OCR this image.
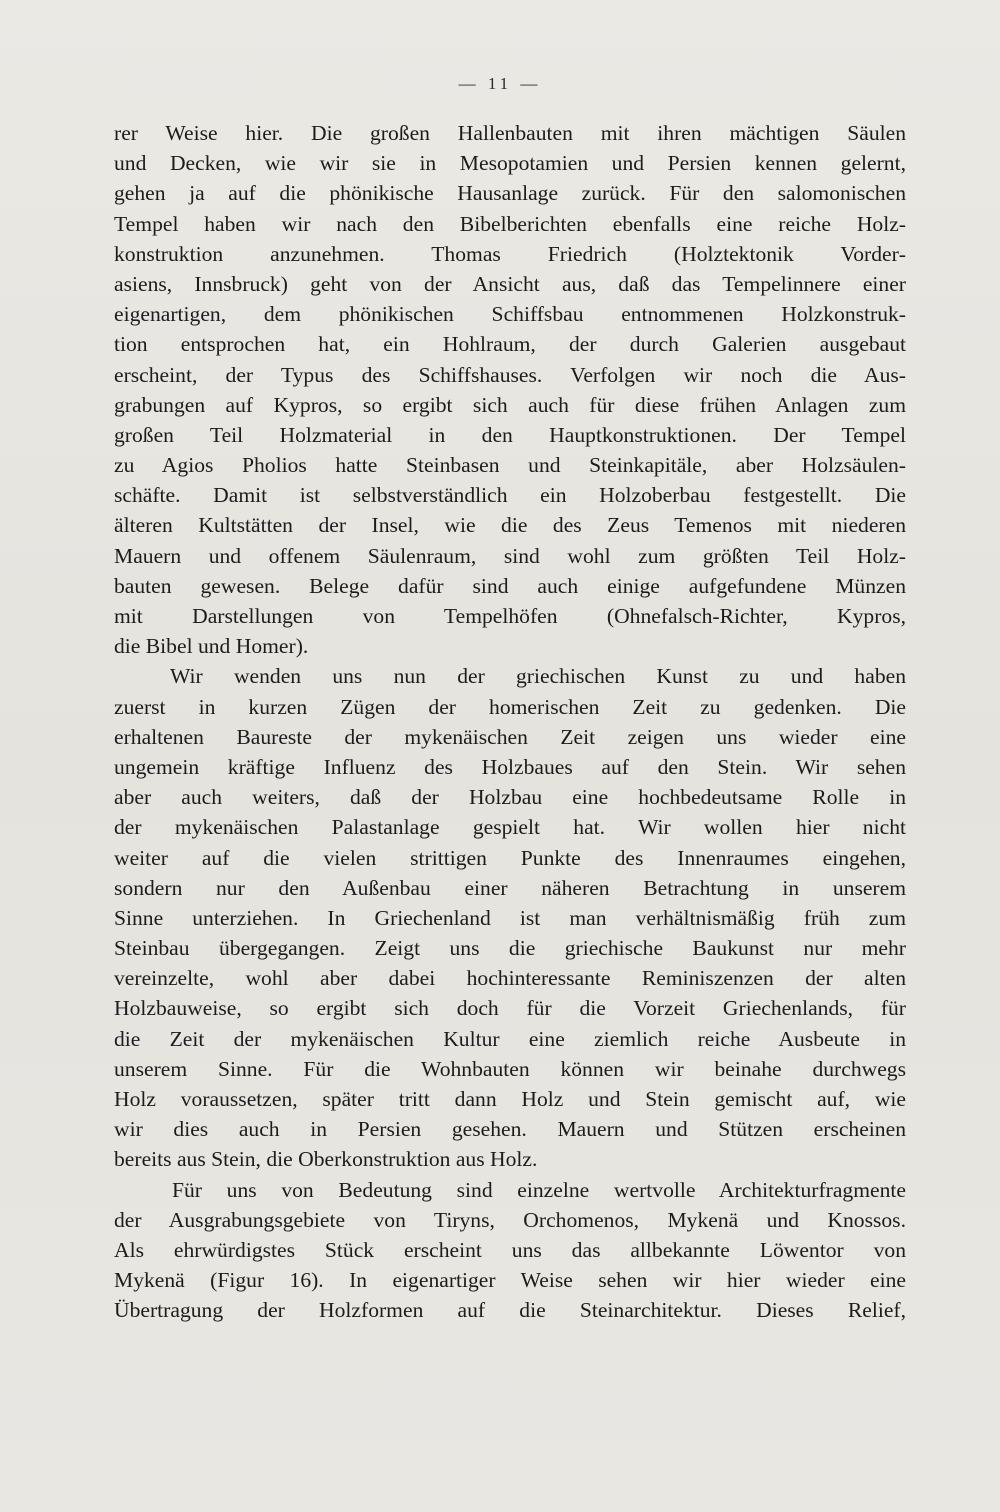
— 11 —
rer Weise hier. Die großen Hallenbauten mit ihren mächtigen Säulen
und Decken, wie wir sie in Mesopotamien und Persien kennen gelernt,
gehen ja auf die phönikische Hausanlage zurück. Für den salomonischen
Tempel haben wir nach den Bibelberichten ebenfalls eine reiche Holz‑
konstruktion anzunehmen. Thomas Friedrich (Holztektonik Vorder‑
asiens, Innsbruck) geht von der Ansicht aus, daß das Tempelinnere einer
eigenartigen, dem phönikischen Schiffsbau entnommenen Holzkonstruk‑
tion entsprochen hat, ein Hohlraum, der durch Galerien ausgebaut
erscheint, der Typus des Schiffshauses. Verfolgen wir noch die Aus‑
grabungen auf Kypros, so ergibt sich auch für diese frühen Anlagen zum
großen Teil Holzmaterial in den Hauptkonstruktionen. Der Tempel
zu Agios Pholios hatte Steinbasen und Steinkapitäle, aber Holzsäulen‑
schäfte. Damit ist selbstverständlich ein Holzoberbau festgestellt. Die
älteren Kultstätten der Insel, wie die des Zeus Temenos mit niederen
Mauern und offenem Säulenraum, sind wohl zum größten Teil Holz‑
bauten gewesen. Belege dafür sind auch einige aufgefundene Münzen
mit Darstellungen von Tempelhöfen (Ohnefalsch‑Richter, Kypros,
die Bibel und Homer).
Wir wenden uns nun der griechischen Kunst zu und haben
zuerst in kurzen Zügen der homerischen Zeit zu gedenken. Die
erhaltenen Baureste der mykenäischen Zeit zeigen uns wieder eine
ungemein kräftige Influenz des Holzbaues auf den Stein. Wir sehen
aber auch weiters, daß der Holzbau eine hochbedeutsame Rolle in
der mykenäischen Palastanlage gespielt hat. Wir wollen hier nicht
weiter auf die vielen strittigen Punkte des Innenraumes eingehen,
sondern nur den Außenbau einer näheren Betrachtung in unserem
Sinne unterziehen. In Griechenland ist man verhältnismäßig früh zum
Steinbau übergegangen. Zeigt uns die griechische Baukunst nur mehr
vereinzelte, wohl aber dabei hochinteressante Reminiszenzen der alten
Holzbauweise, so ergibt sich doch für die Vorzeit Griechenlands, für
die Zeit der mykenäischen Kultur eine ziemlich reiche Ausbeute in
unserem Sinne. Für die Wohnbauten können wir beinahe durchwegs
Holz voraussetzen, später tritt dann Holz und Stein gemischt auf, wie
wir dies auch in Persien gesehen. Mauern und Stützen erscheinen
bereits aus Stein, die Oberkonstruktion aus Holz.
Für uns von Bedeutung sind einzelne wertvolle Architekturfragmente
der Ausgrabungsgebiete von Tiryns, Orchomenos, Mykenä und Knossos.
Als ehrwürdigstes Stück erscheint uns das allbekannte Löwentor von
Mykenä (Figur 16). In eigenartiger Weise sehen wir hier wieder eine
Übertragung der Holzformen auf die Steinarchitektur. Dieses Relief,
